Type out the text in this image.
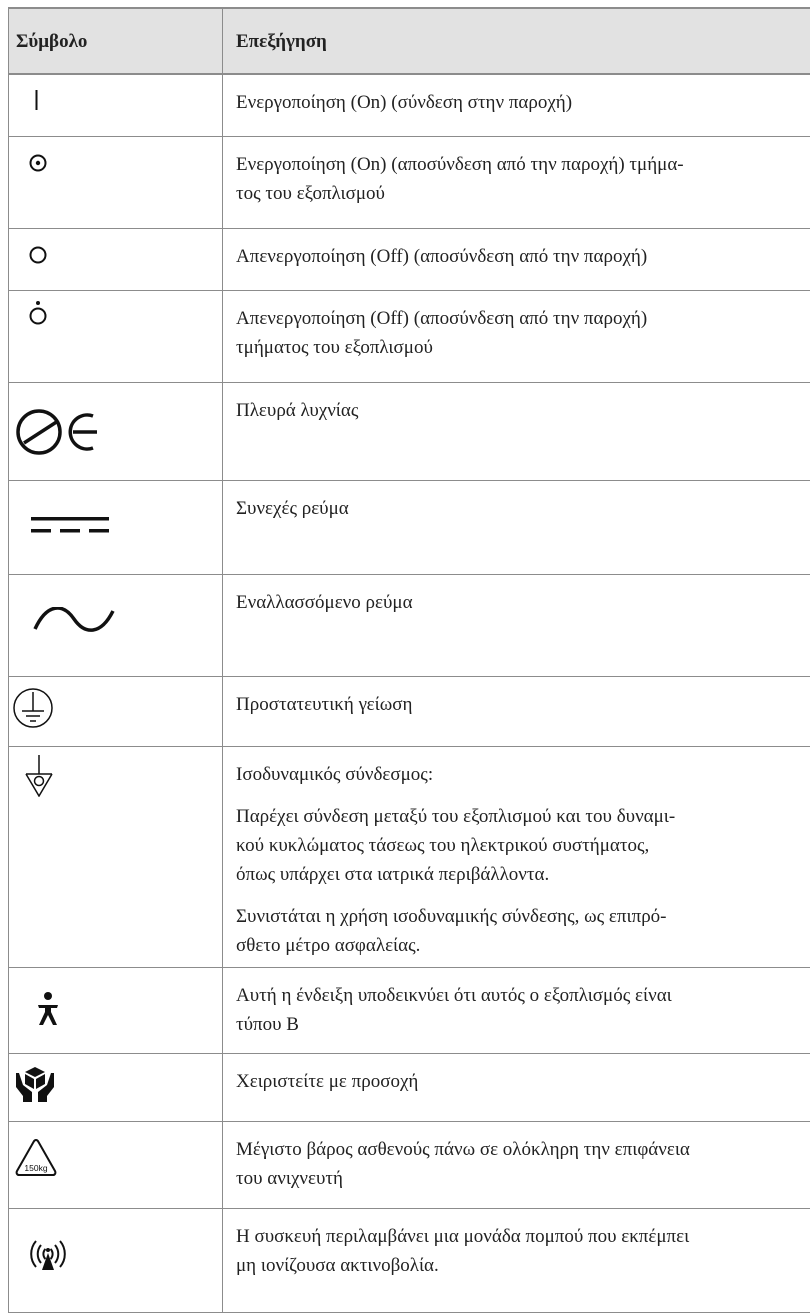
Σύμβολο	Επεξήγηση

Ενεργοποίηση (On) (σύνδεση στην παροχή)

Ενεργοποίηση (On) (αποσύνδεση από την παροχή) τμήμα-
τος του εξοπλισμού

Απενεργοποίηση (Off) (αποσύνδεση από την παροχή)

Απενεργοποίηση (Off) (αποσύνδεση από την παροχή)
τμήματος του εξοπλισμού

Πλευρά λυχνίας

Συνεχές ρεύμα

Εναλλασσόμενο ρεύμα

Προστατευτική γείωση

Ισοδυναμικός σύνδεσμος:

Παρέχει σύνδεση μεταξύ του εξοπλισμού και του δυναμι-
κού κυκλώματος τάσεως του ηλεκτρικού συστήματος,
όπως υπάρχει στα ιατρικά περιβάλλοντα.

Συνιστάται η χρήση ισοδυναμικής σύνδεσης, ως επιπρό-
σθετο μέτρο ασφαλείας.

Αυτή η ένδειξη υποδεικνύει ότι αυτός ο εξοπλισμός είναι
τύπου Β

Χειριστείτε με προσοχή

150kg

Μέγιστο βάρος ασθενούς πάνω σε ολόκληρη την επιφάνεια
του ανιχνευτή

Η συσκευή περιλαμβάνει μια μονάδα πομπού που εκπέμπει
μη ιονίζουσα ακτινοβολία.
